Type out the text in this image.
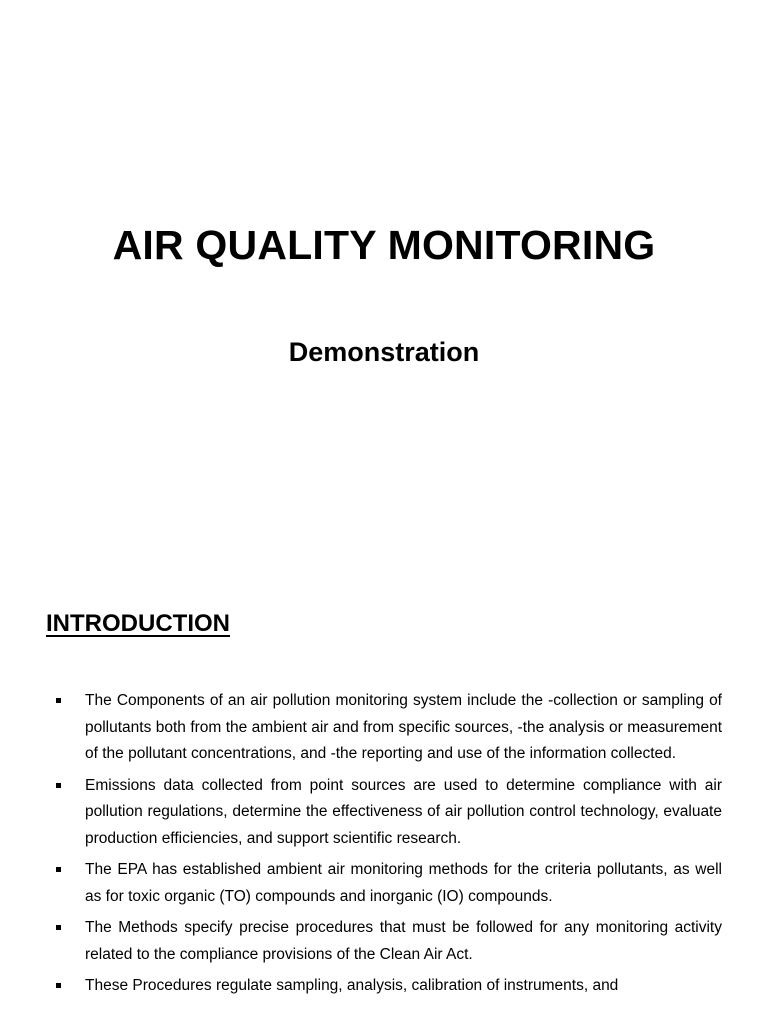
AIR QUALITY MONITORING
Demonstration
INTRODUCTION
The Components of an air pollution monitoring system include the -collection or sampling of pollutants both from the ambient air and from specific sources, -the analysis or measurement of the pollutant concentrations, and -the reporting and use of the information collected.
Emissions data collected from point sources are used to determine compliance with air pollution regulations, determine the effectiveness of air pollution control technology, evaluate production efficiencies, and support scientific research.
The EPA has established ambient air monitoring methods for the criteria pollutants, as well as for toxic organic (TO) compounds and inorganic (IO) compounds.
The Methods specify precise procedures that must be followed for any monitoring activity related to the compliance provisions of the Clean Air Act.
These Procedures regulate sampling, analysis, calibration of instruments, and
